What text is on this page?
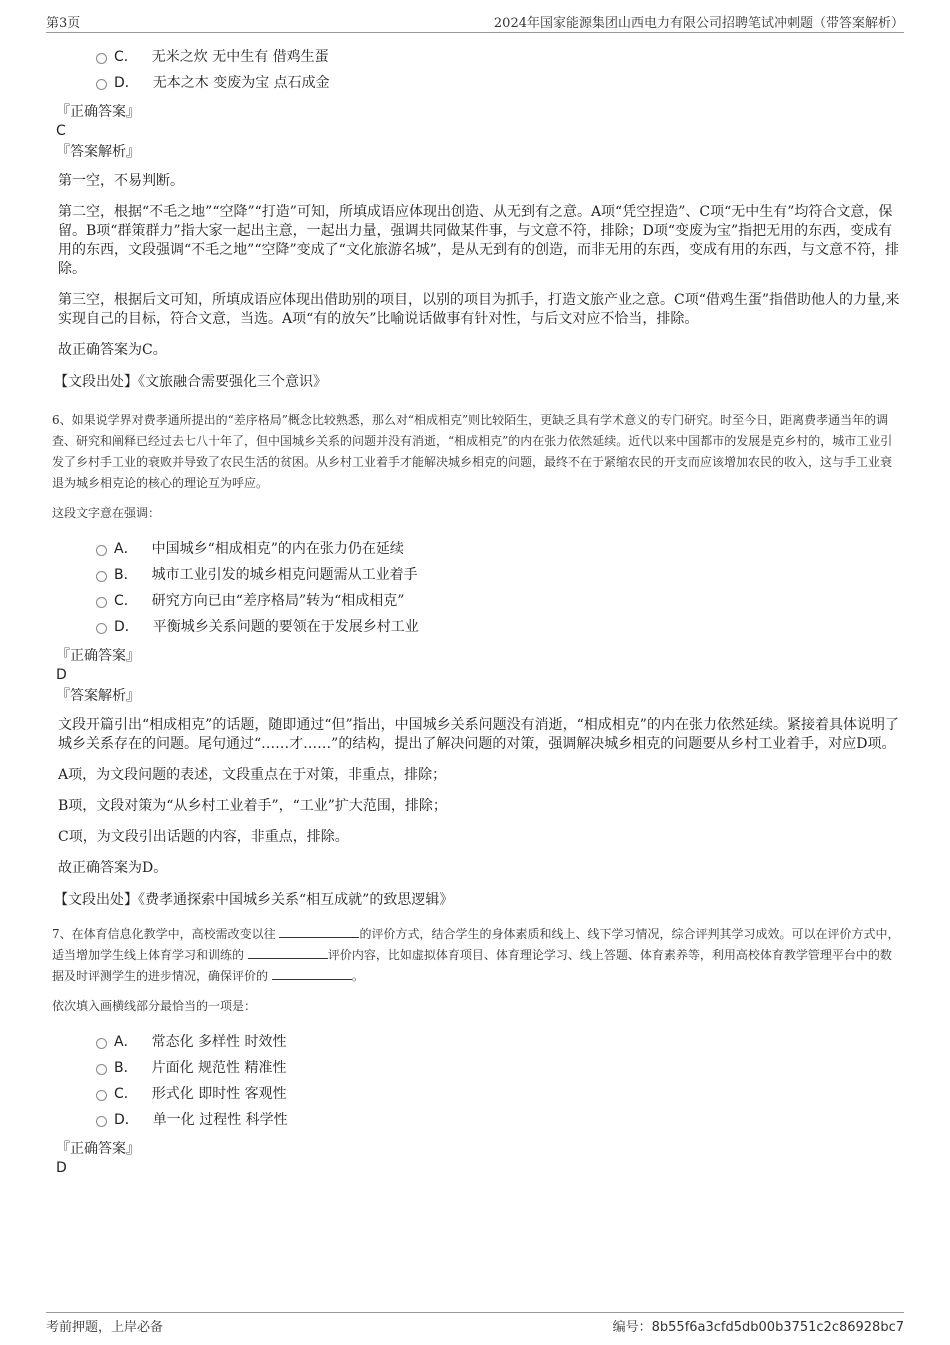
第3页	2024年国家能源集团山西电力有限公司招聘笔试冲刺题（带答案解析）
C． 无米之炊 无中生有 借鸡生蛋
D． 无本之木 变废为宝 点石成金
『正确答案』
C
『答案解析』

第一空，不易判断。

第二空，根据“不毛之地”“空降”“打造”可知，所填成语应体现出创造、从无到有之意。A项“凭空捏造”、C项“无中生有”均符合文意，保留。B项“群策群力”指大家一起出主意，一起出力量，强调共同做某件事，与文意不符，排除；D项“变废为宝”指把无用的东西，变成有用的东西，文段强调“不毛之地”“空降”变成了“文化旅游名城”，是从无到有的创造，而非无用的东西，变成有用的东西，与文意不符，排除。

第三空，根据后文可知，所填成语应体现出借助别的项目，以别的项目为抓手，打造文旅产业之意。C项“借鸡生蛋”指借助他人的力量,来实现自己的目标，符合文意，当选。A项“有的放矢”比喻说话做事有针对性，与后文对应不恰当，排除。

故正确答案为C。

【文段出处】《文旅融合需要强化三个意识》

6、如果说学界对费孝通所提出的“差序格局”概念比较熟悉，那么对“相成相克”则比较陌生，更缺乏具有学术意义的专门研究。时至今日，距离费孝通当年的调查、研究和阐释已经过去七八十年了，但中国城乡关系的问题并没有消逝，“相成相克”的内在张力依然延续。近代以来中国都市的发展是克乡村的，城市工业引发了乡村手工业的衰败并导致了农民生活的贫困。从乡村工业着手才能解决城乡相克的问题，最终不在于紧缩农民的开支而应该增加农民的收入，这与手工业衰退为城乡相克论的核心的理论互为呼应。

这段文字意在强调：

A． 中国城乡“相成相克”的内在张力仍在延续
B． 城市工业引发的城乡相克问题需从工业着手
C． 研究方向已由“差序格局”转为“相成相克”
D． 平衡城乡关系问题的要领在于发展乡村工业
『正确答案』
D
『答案解析』

文段开篇引出“相成相克”的话题，随即通过“但”指出，中国城乡关系问题没有消逝，“相成相克”的内在张力依然延续。紧接着具体说明了城乡关系存在的问题。尾句通过“……才……”的结构，提出了解决问题的对策，强调解决城乡相克的问题要从乡村工业着手，对应D项。

A项，为文段问题的表述，文段重点在于对策，非重点，排除；

B项，文段对策为“从乡村工业着手”，“工业”扩大范围，排除；

C项，为文段引出话题的内容，非重点，排除。

故正确答案为D。

【文段出处】《费孝通探索中国城乡关系“相互成就”的致思逻辑》

7、在体育信息化教学中，高校需改变以往	的评价方式，结合学生的身体素质和线上、线下学习情况，综合评判其学习成效。可以在评价方式中，适当增加学生线上体育学习和训练的	评价内容，比如虚拟体育项目、体育理论学习、线上答题、体育素养等，利用高校体育教学管理平台中的数据及时评测学生的进步情况，确保评价的	。

依次填入画横线部分最恰当的一项是：

A． 常态化 多样性 时效性
B． 片面化 规范性 精准性
C． 形式化 即时性 客观性
D． 单一化 过程性 科学性
『正确答案』
D
考前押题，上岸必备	编号：8b55f6a3cfd5db00b3751c2c86928bc7
